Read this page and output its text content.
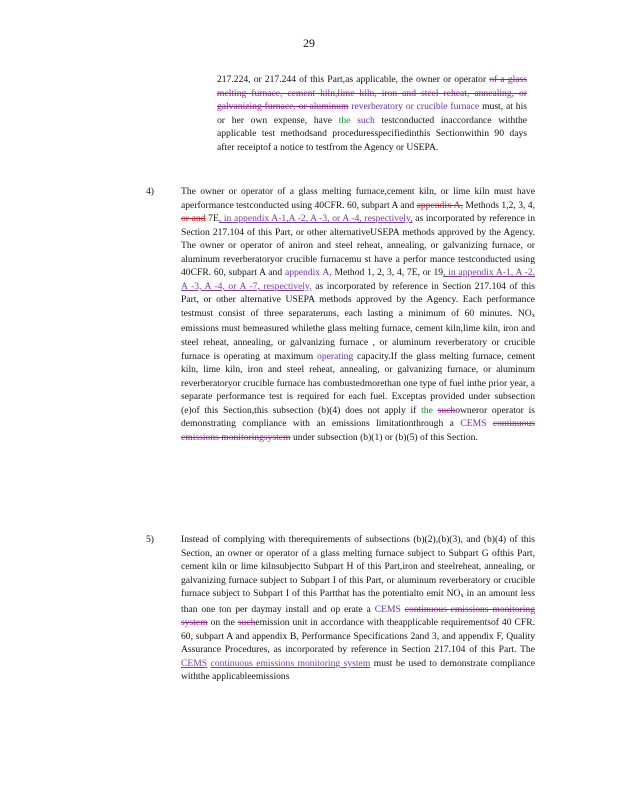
29
217.224, or 217.244 of this Part,as applicable, the owner or operator of a glass melting furnace, cement kiln,lime kiln, iron and steel reheat, annealing, or galvanizing furnace, or aluminum reverberatory or crucible furnace must, at his or her own expense, have the such testconducted inaccordance withthe applicable test methodsand proceduresspecifiedinthis Sectionwithin 90 days after receiptof a notice to testfrom the Agency or USEPA.
4)	The owner or operator of a glass melting furnace,cement kiln, or lime kiln must have aperformance testconducted using 40CFR. 60, subpart A and appendix A, Methods 1,2, 3, 4, or and 7E, in appendix A-1,A -2, A -3, or A -4, respectively, as incorporated by reference in Section 217.104 of this Part, or other alternativeUSEPA methods approved by the Agency. The owner or operator of aniron and steel reheat, annealing, or galvanizing furnace, or aluminum reverberatoryor crucible furnacemu st have a perfor mance testconducted using 40CFR. 60, subpart A and appendix A, Method 1, 2, 3, 4, 7E, or 19, in appendix A-1, A -2, A -3, A -4, or A -7, respectively, as incorporated by reference in Section 217.104 of this Part, or other alternative USEPA methods approved by the Agency. Each performance testmust consist of three separateruns, each lasting a minimum of 60 minutes. NOx emissions must bemeasured whilethe glass melting furnace, cement kiln,lime kiln, iron and steel reheat, annealing, or galvanizing furnace , or aluminum reverberatory or crucible furnace is operating at maximum operating capacity.If the glass melting furnace, cement kiln, lime kiln, iron and steel reheat, annealing, or galvanizing furnace, or aluminum reverberatoryor crucible furnace has combustedmorethan one type of fuel inthe prior year, a separate performance test is required for each fuel. Exceptas provided under subsection (e)of this Section,this subsection (b)(4) does not apply if the suchowneror operator is demonstrating compliance with an emissions limitationthrough a CEMS continuous emissions monitoringsystem under subsection (b)(1) or (b)(5) of this Section.
5)	Instead of complying with therequirements of subsections (b)(2),(b)(3), and (b)(4) of this Section, an owner or operator of a glass melting furnace subject to Subpart G ofthis Part, cement kiln or lime kilnsubjectto Subpart H of this Part,iron and steelreheat, annealing, or galvanizing furnace subject to Subpart I of this Part, or aluminum reverberatory or crucible furnace subject to Subpart I of this Partthat has the potentialto emit NOx in an amount less than one ton per daymay install and op erate a CEMS continuous emissions monitoring system on the suchemission unit in accordance with theapplicable requirementsof 40 CFR. 60, subpart A and appendix B, Performance Specifications 2and 3, and appendix F, Quality Assurance Procedures, as incorporated by reference in Section 217.104 of this Part. The CEMS continuous emissions monitoring system must be used to demonstrate compliance withthe applicableemissions
